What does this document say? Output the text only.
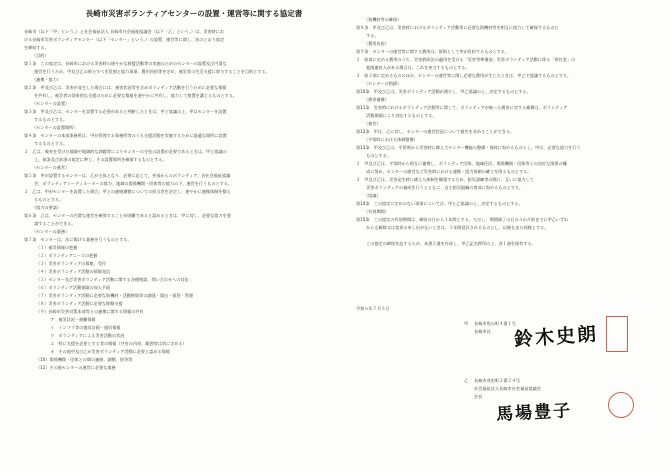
長崎市災害ボランティアセンターの設置・運営等に関する協定書
長崎市（以下「甲」という。）と社会福祉法人 長崎市社会福祉協議会（以下「乙」という。）は、災害時にお
ける長崎市災害ボランティアセンター（以下「センター」という。）の設置、運営等に関し、次のとおり協定
を締結する。
（目的）
第１条　この協定は、長崎市における災害時の速やかな救援活動等の実施のためのセンターの設置及び円滑な
　運営を行うため、甲及び乙の果たすべき役割と協力事項、費用負担等を定め、被災者の生活支援に寄与することを目的とする。
（連携・協力）
第２条　甲及び乙は、災害が発生した場合には、被害状況等を含めボランティア活動を行うために必要な情報
　を共有し、被災者の効果的な支援のために必要な情報を速やかに共有し、協力して措置を講じるものとする。
（センターの設置）
第３条　甲及び乙は、センターを設置する必要があると判断したときは、甲と協議の上、甲はセンターを設置
　するものとする。
（センターの設置場所）
第４条　センターの本部事務所は、甲が管理する事務所等のうち支援活動を実施するために最適な場所に設置
　するものとする。
２　乙は、被害を受けた地域や地域的な課題等によりセンターの分室の設置が必要であるときは、甲と協議の
　上、前条及び前項の規定に準じ、その設置場所を確保するものとする。
（センターの運営）
第５条　甲が設置するセンターは、乙が主体となり、必要に応じて、外部からのボランティア、各社会福祉協議
　会、ボランティアコーディネーターの協力、地域の関係機関・団体等の協力の下、運営を行うものとする。
２　乙は、甲がセンターを設置した場合、甲との連絡調整についての担当者を決定し、速やかに連携体制を整え
　るものとする。
（協力の要請）
第６条　乙は、センターの円滑な運営を確保することが困難であると認めるときは、甲に対し、必要な協力を要
　請することができる。
（センターの業務）
第７条　センターは、次に掲げる業務を行うものとする。
（１）被災情報の把握
（２）ボランティアニーズの把握
（３）災害ボランティアの募集、受付
（４）災害ボランティア活動の情報発信
（５）センター及び災害ボランティア活動に関する各種相談、問い合わせへの対応
（６）ボランティア活動保険の加入手続
（７）災害ボランティア活動に必要な資機材・活動物資等の調達・貸出・保管・管理
（８）災害ボランティア活動に必要な移動支援
（９）長崎市災害対策本部等との連携に関する情報の共有
　ア　被災状況・避難情報
　イ　インフラ等の復旧計画・復旧情報
　ウ　ボランティアによる災害活動の状況
　エ　特に支援を必要とする者の情報（共有の内容、範囲等は別に定める）
　オ　その他甲及び乙が災害ボランティア活動に必要と認める情報
（10）関係機関・団体との間の連絡、調整、紛争等
（11）その他センターの運営に必要な業務
（資機材等の確保）
第８条　甲及び乙は、災害時におけるボランティア活動等に必要な資機材等を相互に協力して確保するものと
　する。
（費用負担）
第９条　センターの運営等に関する費用は、原則として甲が負担するものとする。
２　前項に定める費用のうち、災害救助法の適用を受ける「災害等準備金」災害ボランティア活動に係る「寄付金」の
　他関連収入がある場合は、これを充当するものとする。
３　前２項に定めるもののほか、センターの運営等に関し必要な費用が生じたときは、甲乙で協議するものとする。
（センターの閉鎖）
第10条　甲及び乙は、災害ボランティア活動が減少し、甲乙協議の上、決定するものとする。
（損害補償）
第11条　災害時におけるボランティア活動等に関して、ボランティアが被った損害に対する補償は、ボランティア
　活動保険により対応するものとする。
（報告）
第12条　甲は、乙に対し、センターの運営状況について報告を求めることができる。
（平常時における体制整備）
第13条　甲及び乙は、平常時から災害時に備え大センター機能の整備・保持に努めるものとし、甲は、必要な協力を行う
　ものとする。
２　甲及び乙は、平常時から相互に連携し、ボランティア団体、地域住民、関係機関・団体等との良好な関係の醸
　成に努め、センターの運営など災害時における連携・協力体制の確立を図るものとする。
３　甲及び乙は、災害発生時に備えた体制を構築するため、防災訓練等の際に、互いに協力して
　災害ボランティアの養成を行うとともに、自主防災組織の育成に努めるものとする。
（協議）
第14条　この協定に定めのない事項については、甲と乙協議の上、決定するものとする。
（有効期間）
第15条　この協定の有効期間は、締結の日から１年間とする。ただし、期間満了の日の３か月前までに甲乙いずれ
　からも解除又は変更の申し出がないときは、１年間延長されるものとし、以後もまた同様とする。

　この協定の締結を証するため、本書２通を作成し、甲乙記名押印の上、各１通を保有する。
令和６年７月３日
甲 長崎市魚の町４番１号
長崎市長 鈴木史朗
乙 長崎市茂里町３番２４号
社会福祉法人長崎市社会福祉協議会
会長
馬場豊子
